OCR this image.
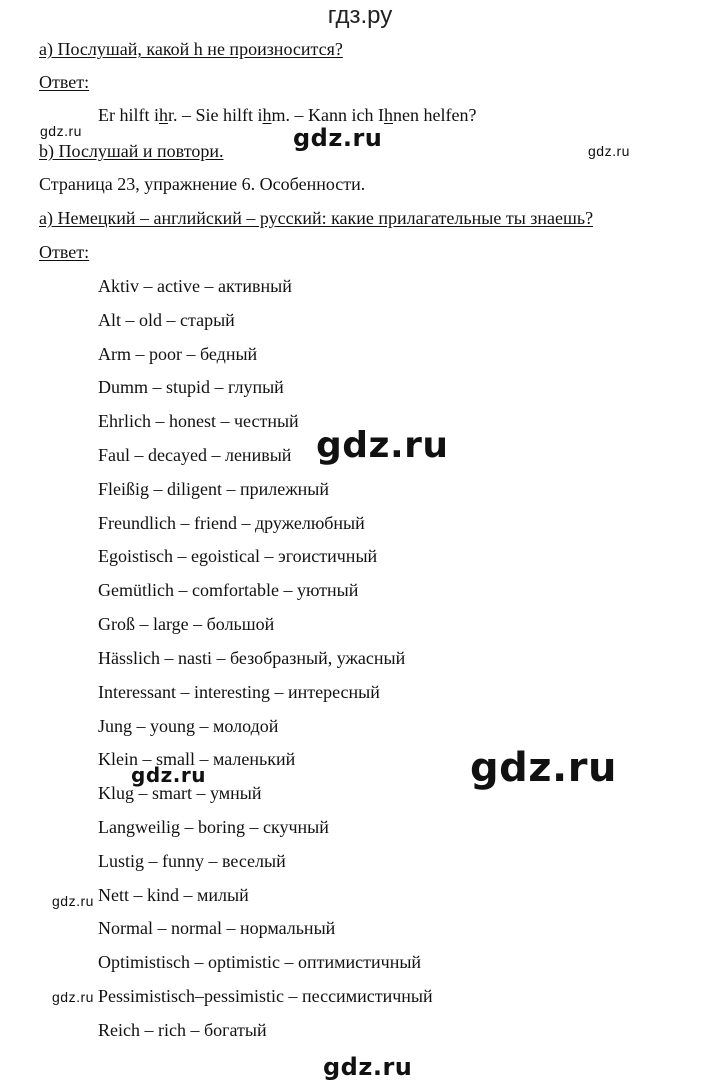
гдз.ру
а) Послушай, какой h не произносится?
Ответ:
Er hilft ihr. – Sie hilft ihm. – Kann ich Ihnen helfen?
b) Послушай и повтори.
Страница 23, упражнение 6. Особенности.
а) Немецкий – английский – русский: какие прилагательные ты знаешь?
Ответ:
Aktiv – active – активный
Alt – old – старый
Arm – poor – бедный
Dumm – stupid – глупый
Ehrlich – honest – честный
Faul – decayed – ленивый
Fleißig – diligent – прилежный
Freundlich – friend – дружелюбный
Egoistisch – egoistical – эгоистичный
Gemütlich – comfortable – уютный
Groß – large – большой
Hässlich – nasti – безобразный, ужасный
Interessant – interesting – интересный
Jung – young – молодой
Klein – small – маленький
Klug – smart – умный
Langweilig – boring – скучный
Lustig – funny – веселый
Nett – kind – милый
Normal – normal – нормальный
Optimistisch – optimistic – оптимистичный
Pessimistisch–pessimistic – пессимистичный
Reich – rich – богатый
gdz.ru	gdz.ru	gdz.ru
gdz.ru
gdz.ru
gdz.ru
gdz.ru
gdz.ru
gdz.ru
